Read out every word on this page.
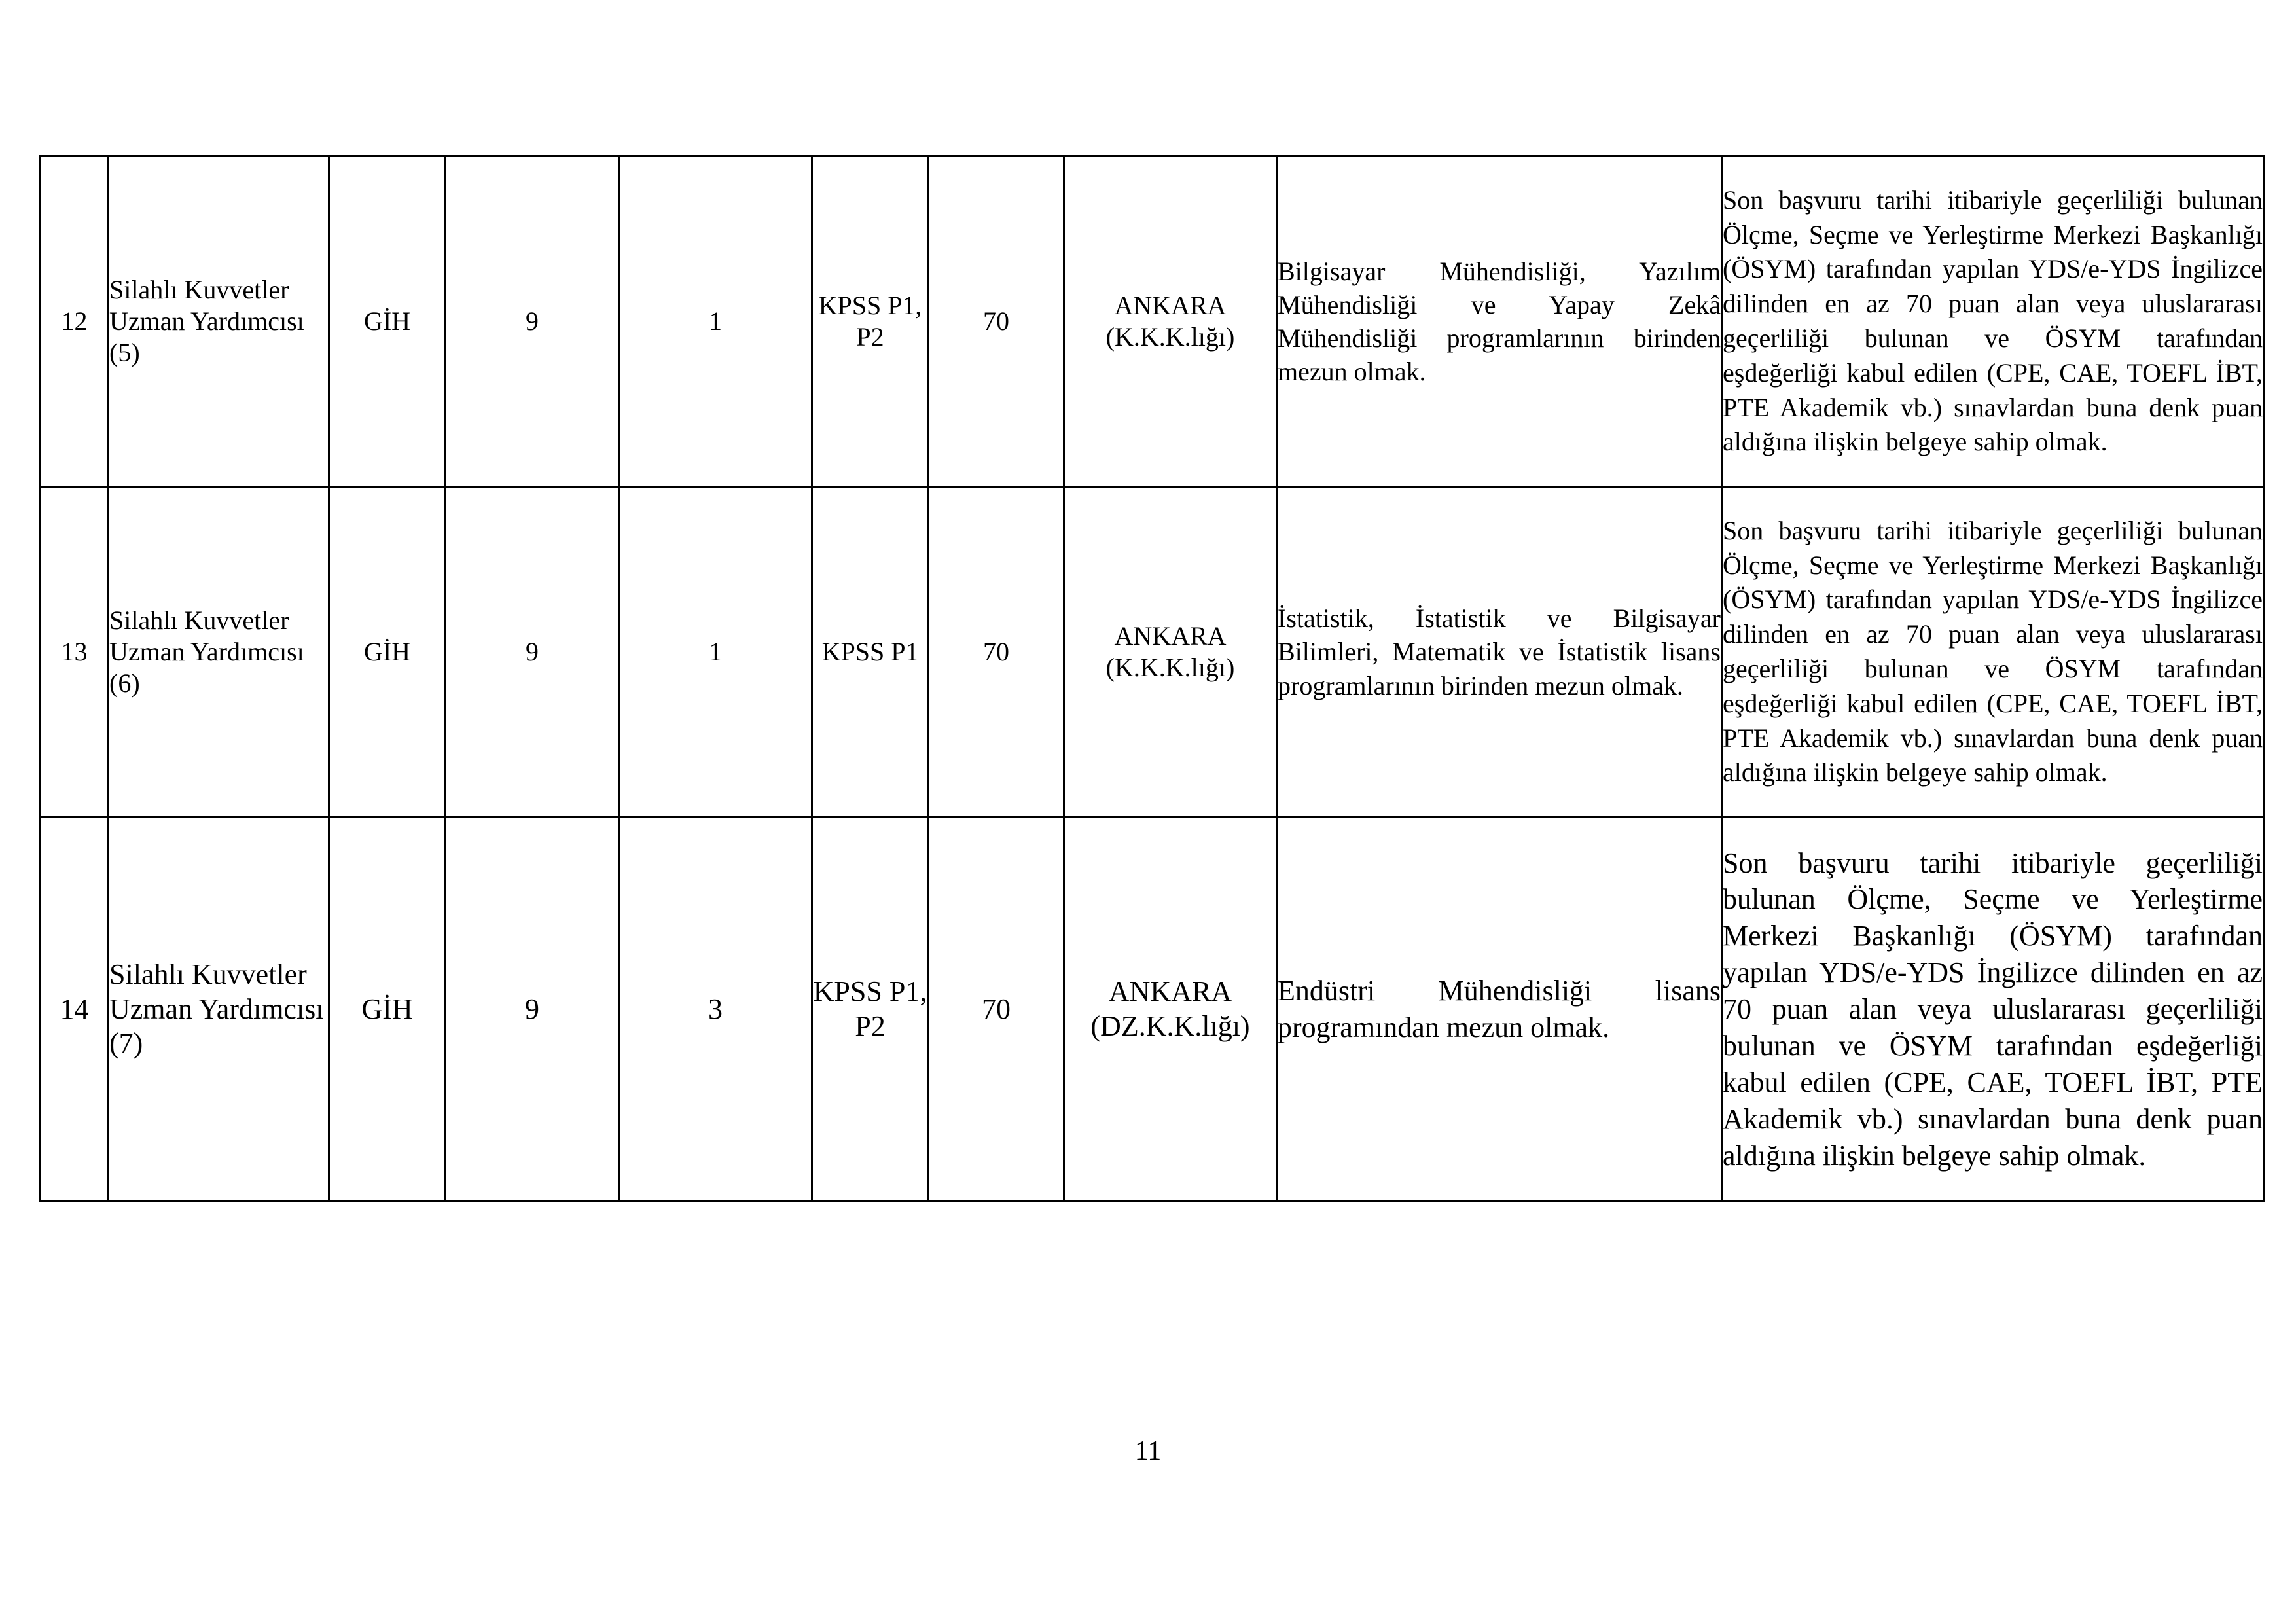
12	Silahlı Kuvvetler Uzman Yardımcısı (5)	GİH	9	1	KPSS P1, P2	70	ANKARA (K.K.K.lığı)	Bilgisayar Mühendisliği, Yazılım Mühendisliği ve Yapay Zekâ Mühendisliği programlarının birinden mezun olmak.	Son başvuru tarihi itibariyle geçerliliği bulunan Ölçme, Seçme ve Yerleştirme Merkezi Başkanlığı (ÖSYM) tarafından yapılan YDS/e-YDS İngilizce dilinden en az 70 puan alan veya uluslararası geçerliliği bulunan ve ÖSYM tarafından eşdeğerliği kabul edilen (CPE, CAE, TOEFL İBT, PTE Akademik vb.) sınavlardan buna denk puan aldığına ilişkin belgeye sahip olmak.
13	Silahlı Kuvvetler Uzman Yardımcısı (6)	GİH	9	1	KPSS P1	70	ANKARA (K.K.K.lığı)	İstatistik, İstatistik ve Bilgisayar Bilimleri, Matematik ve İstatistik lisans programlarının birinden mezun olmak.	Son başvuru tarihi itibariyle geçerliliği bulunan Ölçme, Seçme ve Yerleştirme Merkezi Başkanlığı (ÖSYM) tarafından yapılan YDS/e-YDS İngilizce dilinden en az 70 puan alan veya uluslararası geçerliliği bulunan ve ÖSYM tarafından eşdeğerliği kabul edilen (CPE, CAE, TOEFL İBT, PTE Akademik vb.) sınavlardan buna denk puan aldığına ilişkin belgeye sahip olmak.
14	Silahlı Kuvvetler Uzman Yardımcısı (7)	GİH	9	3	KPSS P1, P2	70	ANKARA (DZ.K.K.lığı)	Endüstri Mühendisliği lisans programından mezun olmak.	Son başvuru tarihi itibariyle geçerliliği bulunan Ölçme, Seçme ve Yerleştirme Merkezi Başkanlığı (ÖSYM) tarafından yapılan YDS/e-YDS İngilizce dilinden en az 70 puan alan veya uluslararası geçerliliği bulunan ve ÖSYM tarafından eşdeğerliği kabul edilen (CPE, CAE, TOEFL İBT, PTE Akademik vb.) sınavlardan buna denk puan aldığına ilişkin belgeye sahip olmak.
11
